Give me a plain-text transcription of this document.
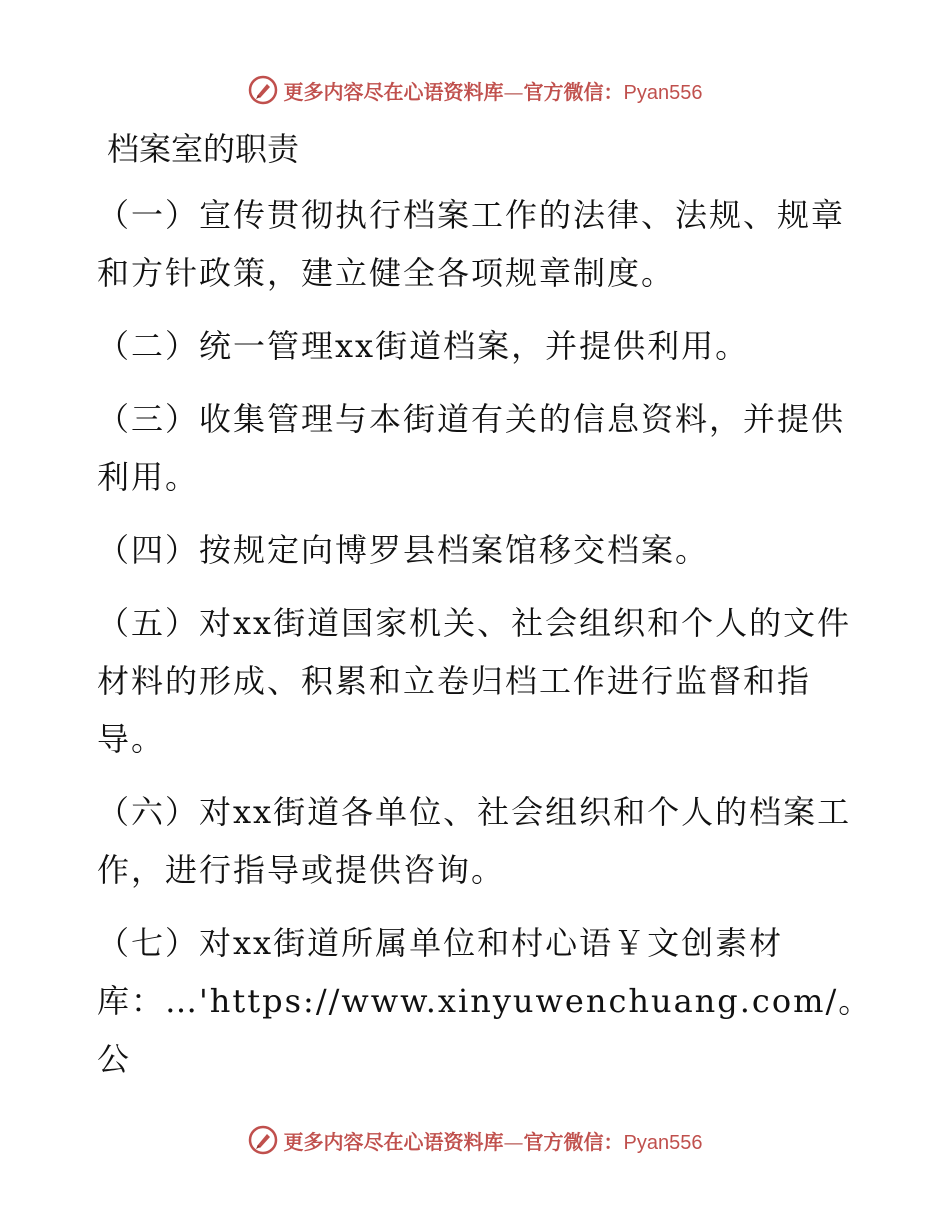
更多内容尽在心语资料库—官方微信：Pyan556
档案室的职责

（一）宣传贯彻执行档案工作的法律、法规、规章和方针政策，建立健全各项规章制度。

（二）统一管理xx街道档案，并提供利用。

（三）收集管理与本街道有关的信息资料，并提供利用。

（四）按规定向博罗县档案馆移交档案。

（五）对xx街道国家机关、社会组织和个人的文件材料的形成、积累和立卷归档工作进行监督和指导。

（六）对xx街道各单位、社会组织和个人的档案工作，进行指导或提供咨询。

（七）对xx街道所属单位和村心语￥文创素材库：…'https://www.xinyuwenchuang.com/。公

更多内容尽在心语资料库—官方微信：Pyan556
